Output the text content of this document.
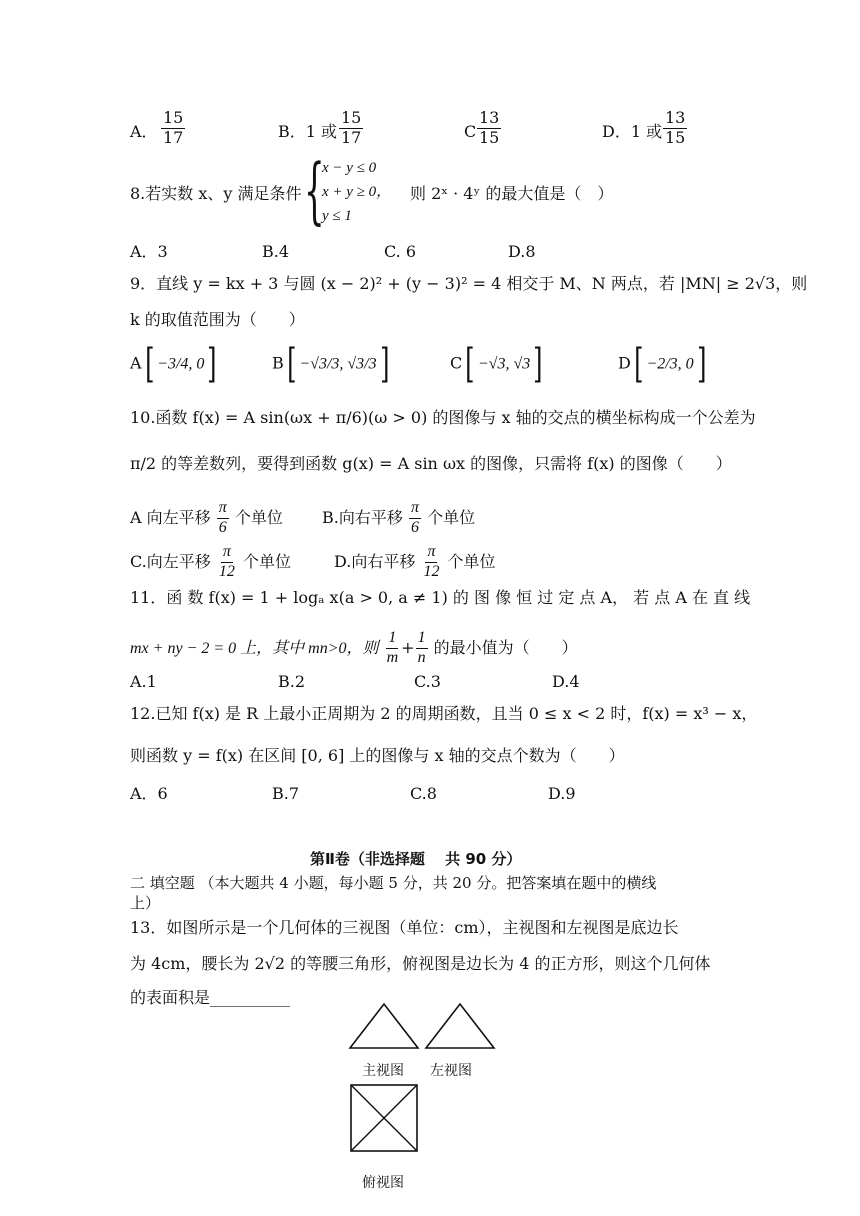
A． $\frac{15}{17}$	B．1 或 $\frac{15}{17}$	C $\frac{13}{15}$	D．1 或 $\frac{13}{15}$
8.若实数 x、y 满足条件 {
x − y ≤ 0
x + y ≥ 0，
y ≤ 1
则 2ˣ · 4ʸ 的最大值是（　）
A．3	B.4	C. 6	D.8
9．直线 y = kx + 3 与圆 (x − 2)² + (y − 3)² = 4 相交于 M、N 两点，若 |MN| ≥ 2√3，则
k 的取值范围为（　　）
A[ −3/4, 0]	B[ −√3/3, √3/3]	C[ −√3, √3]	D[ −2/3, 0]
10.函数 f(x) = A sin(ωx + π/6)(ω > 0) 的图像与 x 轴的交点的横坐标构成一个公差为
π/2 的等差数列，要得到函数 g(x) = A sin ωx 的图像，只需将 f(x) 的图像（　　）
A 向左平移 $\frac{\pi}{6}$ 个单位 B.向右平移 $\frac{\pi}{6}$ 个单位
C.向左平移 $\frac{\pi}{12}$ 个单位	D.向右平移 $\frac{\pi}{12}$ 个单位
11．函 数 f(x) = 1 + logₐ x(a > 0, a ≠ 1) 的 图 像 恒 过 定 点 A， 若 点 A 在 直 线
mx + ny − 2 = 0 上，其中 mn>0，则 $\frac{1}{m} + \frac{1}{n}$ 的最小值为（　　）
A.1	B.2	C.3	D.4
12.已知 f(x) 是 R 上最小正周期为 2 的周期函数，且当 0 ≤ x < 2 时，f(x) = x³ − x，
则函数 y = f(x) 在区间 [0, 6] 上的图像与 x 轴的交点个数为（　　）
A．6	B.7	C.8	D.9
第Ⅱ卷（非选择题　 共 90 分）
二 填空题 （本大题共 4 小题，每小题 5 分，共 20 分。把答案填在题中的横线
上）
13．如图所示是一个几何体的三视图（单位：cm），主视图和左视图是底边长
为 4cm，腰长为 2√2 的等腰三角形，俯视图是边长为 4 的正方形，则这个几何体
的表面积是__________
主视图 左视图
俯视图
